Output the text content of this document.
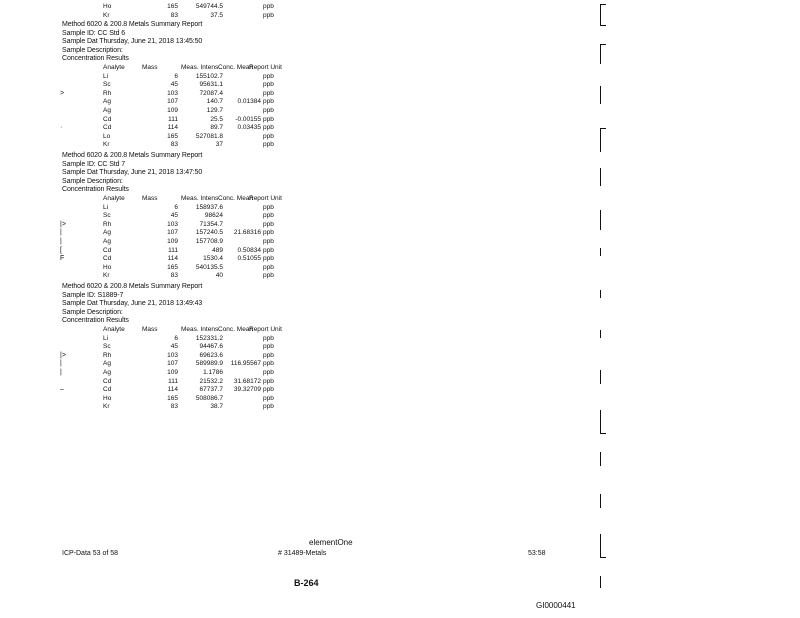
Ho	165	549744.5	ppb
Kr	83	37.5	ppb
Method 6020 & 200.8 Metals Summary Report
Sample ID: CC Std 6
Sample Dat Thursday, June 21, 2018 13:45:50
Sample Description:
Concentration Results
Analyte	Mass	Meas. Intens Conc. Mean
Report Unit
Li	6	155102.7	ppb
Sc	45	95631.1	ppb
>	Rh	103	72087.4	ppb
Ag	107	140.7	0.01384 ppb
Ag	109	129.7	ppb
Cd	111	25.5	-0.00155 ppb
·	Cd	114	89.7	0.03435 ppb
Lo	165	527081.8	ppb
Kr	83	37	ppb
Method 6020 & 200.8 Metals Summary Report
Sample ID: CC Std 7
Sample Dat Thursday, June 21, 2018 13:47:50
Sample Description:
Concentration Results
Analyte	Mass	Meas. Intens Conc. Mean
Report Unit
Li	6	158937.6	ppb
Sc	45	98624	ppb
|>	Rh	103	71354.7	ppb
|	Ag	107	157240.5	21.68316 ppb
|	Ag	109	157708.9	ppb
[	Cd	111	489	0.50834 ppb
F	Cd	114	1530.4	0.51055 ppb
Ho	165	540135.5	ppb
Kr	83	40	ppb
Method 6020 & 200.8 Metals Summary Report
Sample ID: S1889-7
Sample Dat Thursday, June 21, 2018 13:49:43
Sample Description:
Concentration Results
Analyte	Mass	Meas. Intens Conc. Mean
Report Unit
Li	6	152331.2	ppb
Sc	45	94467.6	ppb
|>	Rh	103	69623.6	ppb
|	Ag	107	589989.9	116.95567 ppb
|	Ag	109	1.1786	ppb
Cd	111	21532.2	31.68172 ppb
–	Cd	114	67737.7	39.32709 ppb
Ho	165	508086.7	ppb
Kr	83	38.7	ppb
elementOne
ICP-Data 53 of 58	# 31489-Metals	53:58
B-264
GI0000441
